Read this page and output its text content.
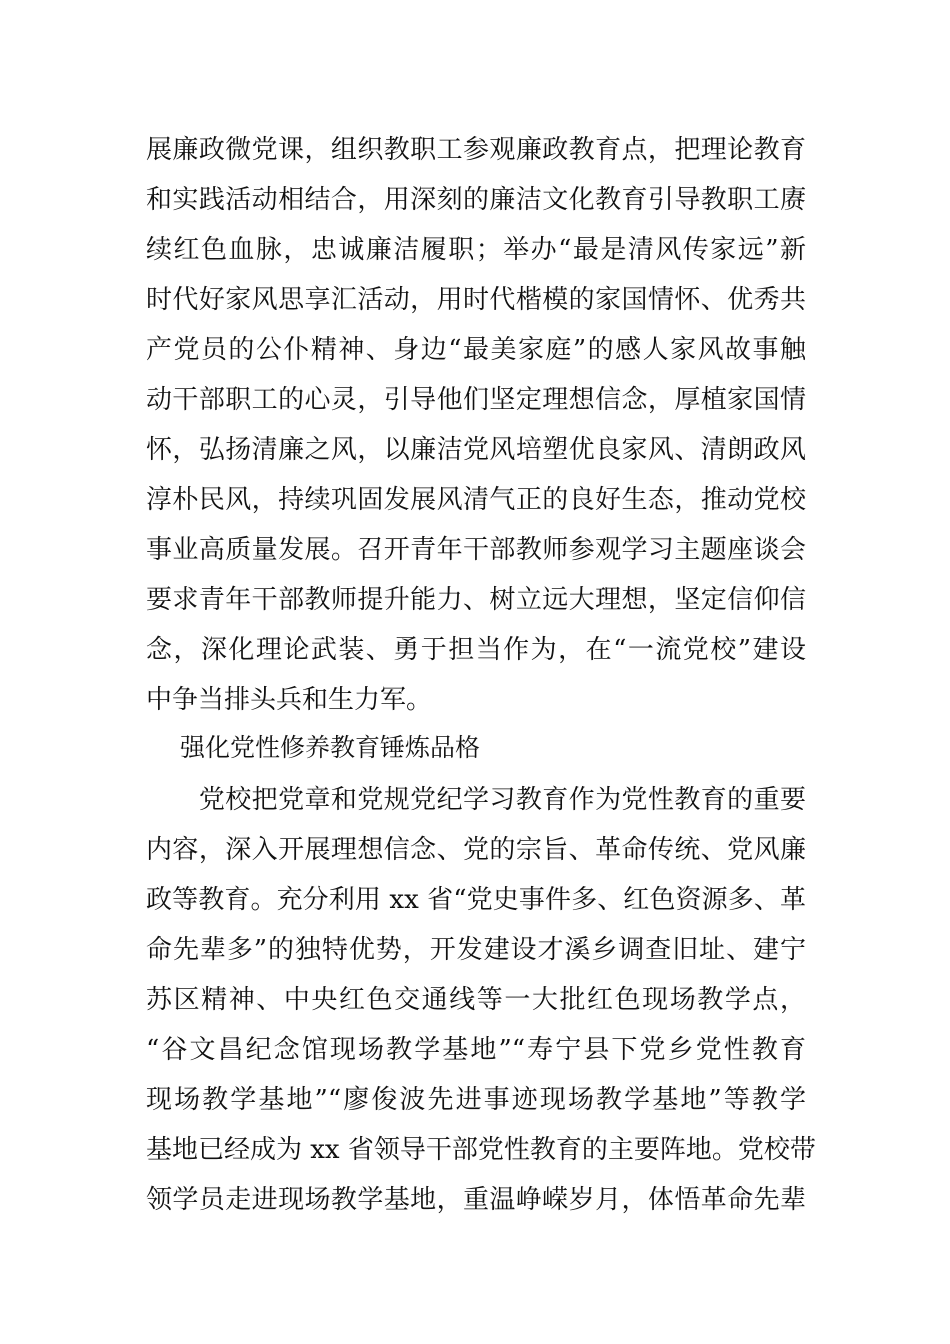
展廉政微党课，组织教职工参观廉政教育点，把理论教育
和实践活动相结合，用深刻的廉洁文化教育引导教职工赓
续红色血脉，忠诚廉洁履职；举办“最是清风传家远”新
时代好家风思享汇活动，用时代楷模的家国情怀、优秀共
产党员的公仆精神、身边“最美家庭”的感人家风故事触
动干部职工的心灵，引导他们坚定理想信念，厚植家国情
怀，弘扬清廉之风，以廉洁党风培塑优良家风、清朗政风
淳朴民风，持续巩固发展风清气正的良好生态，推动党校
事业高质量发展。召开青年干部教师参观学习主题座谈会
要求青年干部教师提升能力、树立远大理想，坚定信仰信
念，深化理论武装、勇于担当作为，在“一流党校”建设
中争当排头兵和生力军。
强化党性修养教育锤炼品格
　　党校把党章和党规党纪学习教育作为党性教育的重要
内容，深入开展理想信念、党的宗旨、革命传统、党风廉
政等教育。充分利用 xx 省“党史事件多、红色资源多、革
命先辈多”的独特优势，开发建设才溪乡调查旧址、建宁
苏区精神、中央红色交通线等一大批红色现场教学点，
“谷文昌纪念馆现场教学基地”“寿宁县下党乡党性教育
现场教学基地”“廖俊波先进事迹现场教学基地”等教学
基地已经成为 xx 省领导干部党性教育的主要阵地。党校带
领学员走进现场教学基地，重温峥嵘岁月，体悟革命先辈
